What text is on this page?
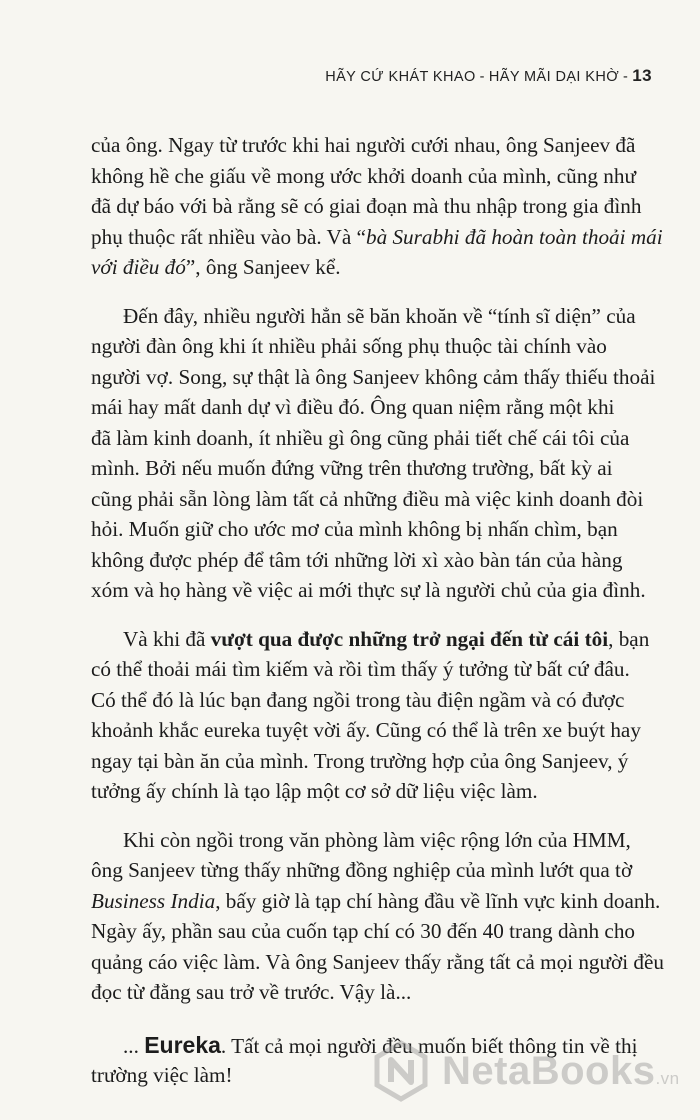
HÃY CỨ KHÁT KHAO - HÃY MÃI DẠI KHỜ - 13
của ông. Ngay từ trước khi hai người cưới nhau, ông Sanjeev đã
không hề che giấu về mong ước khởi doanh của mình, cũng như
đã dự báo với bà rằng sẽ có giai đoạn mà thu nhập trong gia đình
phụ thuộc rất nhiều vào bà. Và “bà Surabhi đã hoàn toàn thoải mái
với điều đó”, ông Sanjeev kể.
Đến đây, nhiều người hẳn sẽ băn khoăn về “tính sĩ diện” của
người đàn ông khi ít nhiều phải sống phụ thuộc tài chính vào
người vợ. Song, sự thật là ông Sanjeev không cảm thấy thiếu thoải
mái hay mất danh dự vì điều đó. Ông quan niệm rằng một khi
đã làm kinh doanh, ít nhiều gì ông cũng phải tiết chế cái tôi của
mình. Bởi nếu muốn đứng vững trên thương trường, bất kỳ ai
cũng phải sẵn lòng làm tất cả những điều mà việc kinh doanh đòi
hỏi. Muốn giữ cho ước mơ của mình không bị nhấn chìm, bạn
không được phép để tâm tới những lời xì xào bàn tán của hàng
xóm và họ hàng về việc ai mới thực sự là người chủ của gia đình.
Và khi đã vượt qua được những trở ngại đến từ cái tôi, bạn
có thể thoải mái tìm kiếm và rồi tìm thấy ý tưởng từ bất cứ đâu.
Có thể đó là lúc bạn đang ngồi trong tàu điện ngầm và có được
khoảnh khắc eureka tuyệt vời ấy. Cũng có thể là trên xe buýt hay
ngay tại bàn ăn của mình. Trong trường hợp của ông Sanjeev, ý
tưởng ấy chính là tạo lập một cơ sở dữ liệu việc làm.
Khi còn ngồi trong văn phòng làm việc rộng lớn của HMM,
ông Sanjeev từng thấy những đồng nghiệp của mình lướt qua tờ
Business India, bấy giờ là tạp chí hàng đầu về lĩnh vực kinh doanh.
Ngày ấy, phần sau của cuốn tạp chí có 30 đến 40 trang dành cho
quảng cáo việc làm. Và ông Sanjeev thấy rằng tất cả mọi người đều
đọc từ đằng sau trở về trước. Vậy là...
... Eureka. Tất cả mọi người đều muốn biết thông tin về thị
trường việc làm!	NetaBooks.vn
